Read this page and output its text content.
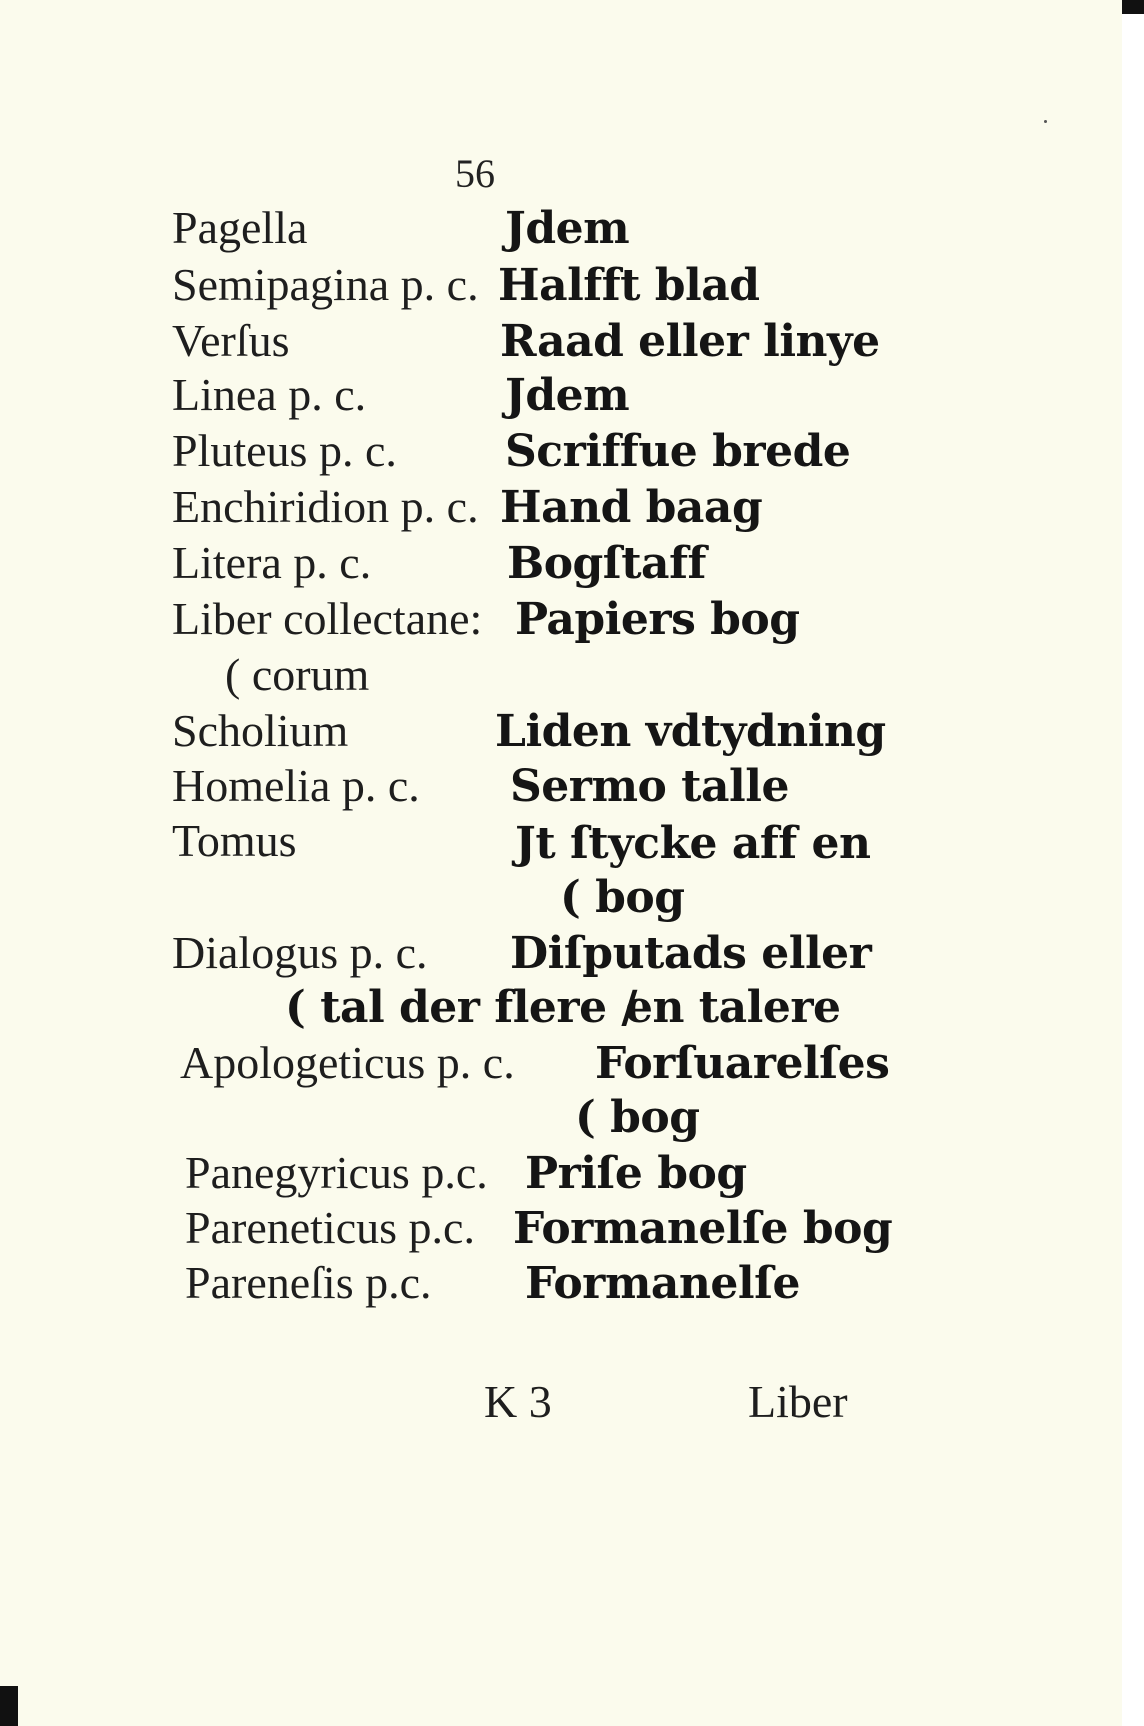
56
Pagella	Jdem
Semipagina p. c. Halfft blad
Verſus	Raad eller linye
Linea p. c.	Jdem
Pluteus p. c. Scriffue brede
Enchiridion p. c. Hand baag
Litera p. c.	Bogſtaff
Liber collectane: Papiers bog
( corum
Scholium	Liden vdtydning
Homelia p. c. Sermo talle
Tomus	Jt ſtycke aff en
( bog
Dialogus p. c. Diſputads eller
( tal der flere /
en talere
Apologeticus p. c. Forſuarelſes
( bog
Panegyricus p.c. Priſe bog
Pareneticus p.c. Formanelſe bog
Pareneſis p.c. Formanelſe
K 3	Liber
